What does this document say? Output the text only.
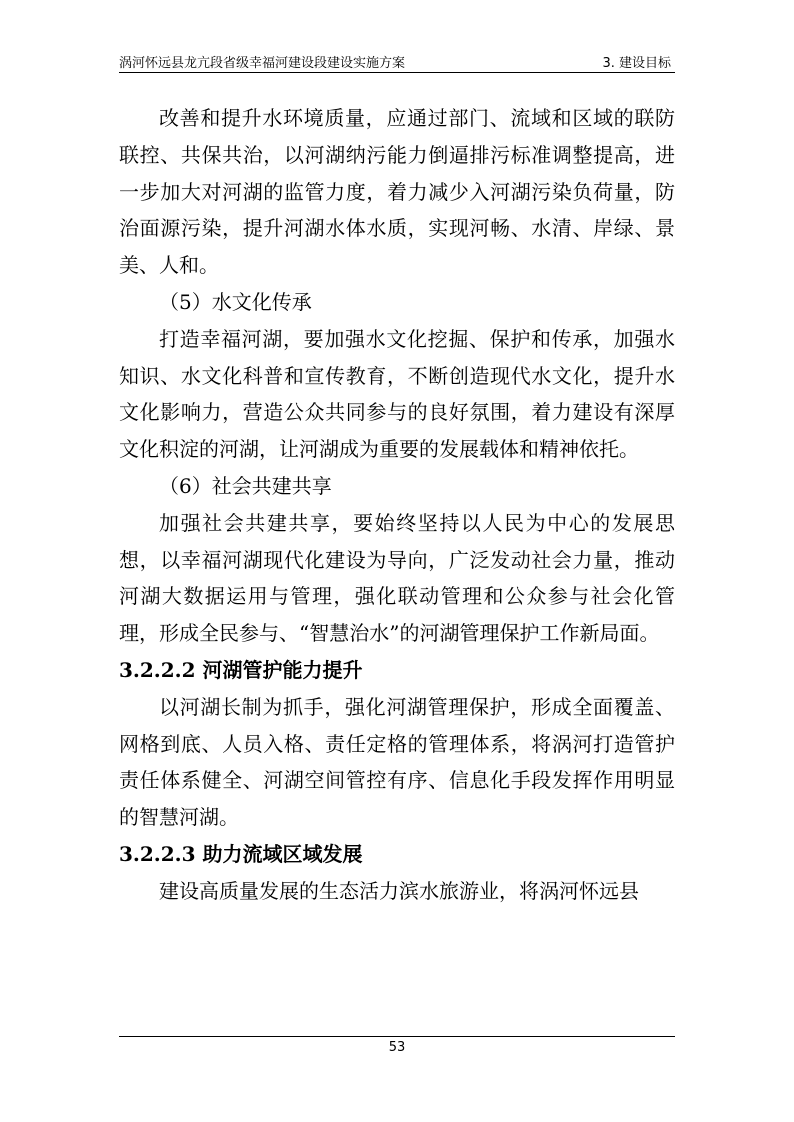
涡河怀远县龙亢段省级幸福河建设段建设实施方案	3. 建设目标

改善和提升水环境质量，应通过部门、流域和区域的联防联控、共保共治，以河湖纳污能力倒逼排污标准调整提高，进一步加大对河湖的监管力度，着力减少入河湖污染负荷量，防治面源污染，提升河湖水体水质，实现河畅、水清、岸绿、景美、人和。

（5）水文化传承

打造幸福河湖，要加强水文化挖掘、保护和传承，加强水知识、水文化科普和宣传教育，不断创造现代水文化，提升水文化影响力，营造公众共同参与的良好氛围，着力建设有深厚文化积淀的河湖，让河湖成为重要的发展载体和精神依托。

（6）社会共建共享

加强社会共建共享，要始终坚持以人民为中心的发展思想，以幸福河湖现代化建设为导向，广泛发动社会力量，推动河湖大数据运用与管理，强化联动管理和公众参与社会化管理，形成全民参与、“智慧治水”的河湖管理保护工作新局面。

3.2.2.2 河湖管护能力提升

以河湖长制为抓手，强化河湖管理保护，形成全面覆盖、网格到底、人员入格、责任定格的管理体系，将涡河打造管护责任体系健全、河湖空间管控有序、信息化手段发挥作用明显的智慧河湖。

3.2.2.3 助力流域区域发展

建设高质量发展的生态活力滨水旅游业，将涡河怀远县

53
